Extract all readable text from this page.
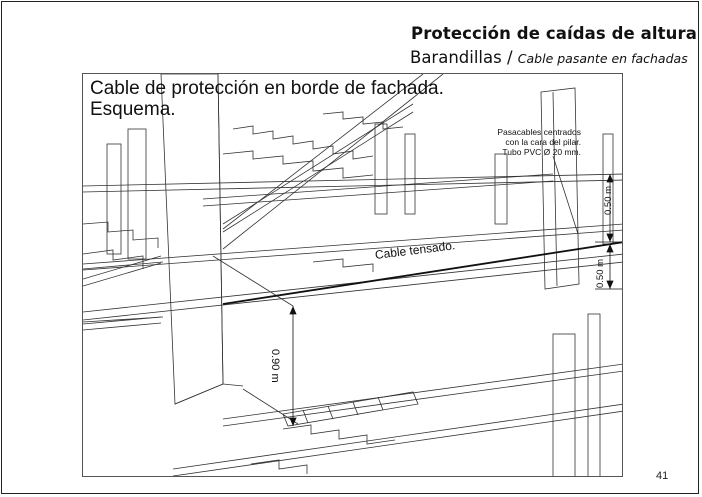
Protección de caídas de altura
Barandillas / Cable pasante en fachadas
Cable de protección en borde de fachada.
Esquema.
Pasacables centrados
con la cara del pilar.
Tubo PVC Ø 20 mm.
Cable tensado.
0.90 m
0.50 m
0.50 m
41
